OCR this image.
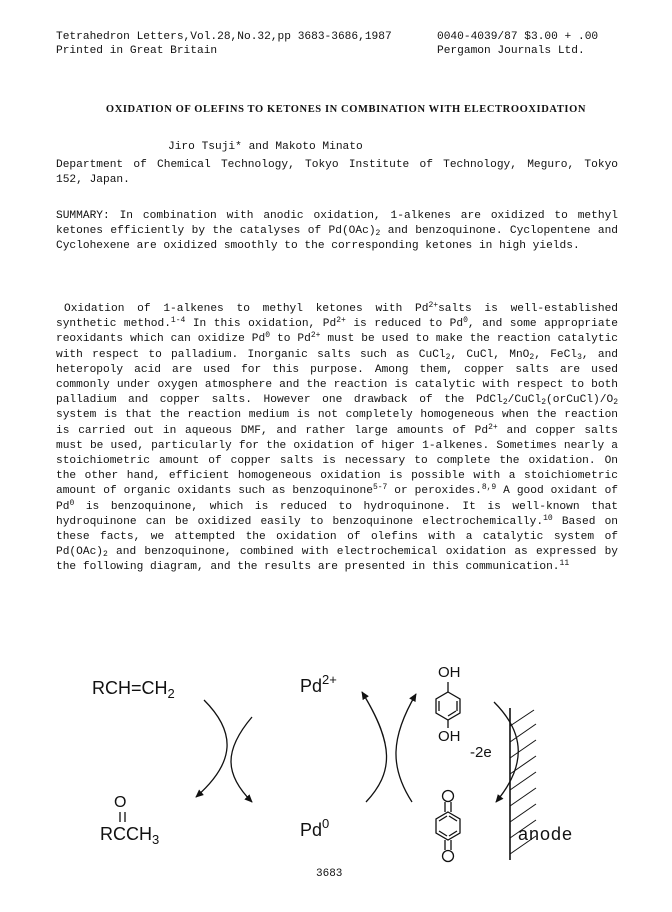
Tetrahedron Letters,Vol.28,No.32,pp 3683-3686,1987
Printed in Great Britain
0040-4039/87 $3.00 + .00
Pergamon Journals Ltd.
OXIDATION OF OLEFINS TO KETONES IN COMBINATION WITH ELECTROOXIDATION
Jiro Tsuji* and Makoto Minato
Department of Chemical Technology, Tokyo Institute of Technology, Meguro, Tokyo 152, Japan.
SUMMARY: In combination with anodic oxidation, 1-alkenes are oxidized to methyl ketones efficiently by the catalyses of $Pd(OAc)_2$ and benzoquinone. Cyclopentene and Cyclohexene are oxidized smoothly to the corresponding ketones in high yields.

Oxidation of 1-alkenes to methyl ketones with $Pd^{2+}salts$ is well-established synthetic method.$^{1-4}$ In this oxidation, $Pd^{2+}$ is reduced to Pd$^0$, and some appropriate reoxidants which can oxidize Pd$^0$ to $Pd^{2+}$ must be used to make the reaction catalytic with respect to palladium. Inorganic salts such as CuCl$_2$, CuCl, MnO$_2$, FeCl$_3$, and heteropoly acid are used for this purpose. Among them, copper salts are used commonly under oxygen atmosphere and the reaction is catalytic with respect to both palladium and copper salts. However one drawback of the $PdCl_2/CuCl_2(orCuCl)/O_2$ system is that the reaction medium is not completely homogeneous when the reaction is carried out in aqueous DMF, and rather large amounts of $Pd^{2+}$ and copper salts must be used, particularly for the oxidation of higer 1-alkenes. Sometimes nearly a stoichiometric amount of copper salts is necessary to complete the oxidation. On the other hand, efficient homogeneous oxidation is possible with a stoichiometric amount of organic oxidants such as benzoquinone$^{5-7}$ or peroxides.$^{8,9}$ A good oxidant of Pd$^0$ is benzoquinone, which is reduced to hydroquinone. It is well-known that hydroquinone can be oxidized easily to benzoquinone electrochemically.$^{10}$ Based on these facts, we attempted the oxidation of olefins with a catalytic system of $Pd(OAc)_2$ and benzoquinone, combined with electrochemical oxidation as expressed by the following diagram, and the results are presented in this communication.$^{11}$

$RCH=CH_2$
O
$RCCH_3$
$Pd^{2+}$
Pd$^0$
OH
OH
-2e
anode
3683
